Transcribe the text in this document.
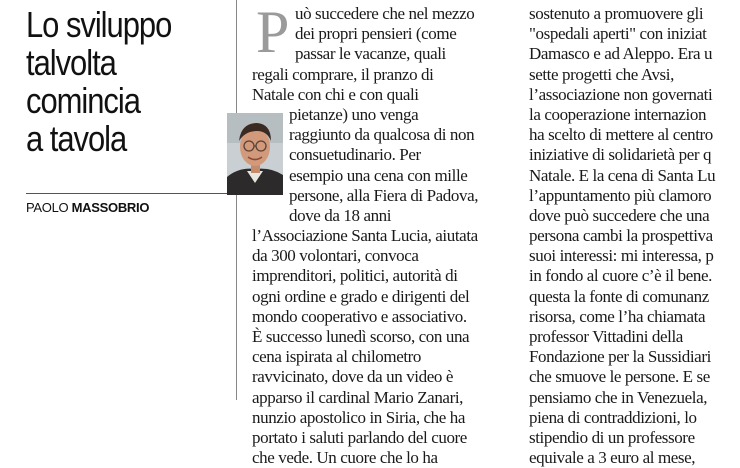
Lo sviluppo
talvolta
comincia
a tavola
PAOLO MASSOBRIO
P uò succedere che nel mezzo
dei propri pensieri (come
passar le vacanze, quali
regali comprare, il pranzo di
Natale con chi e con quali
pietanze) uno venga
raggiunto da qualcosa di non
consuetudinario. Per
esempio una cena con mille
persone, alla Fiera di Padova,
dove da 18 anni
l’Associazione Santa Lucia, aiutata
da 300 volontari, convoca
imprenditori, politici, autorità di
ogni ordine e grado e dirigenti del
mondo cooperativo e associativo.
È successo lunedì scorso, con una
cena ispirata al chilometro
ravvicinato, dove da un video è
apparso il cardinal Mario Zanari,
nunzio apostolico in Siria, che ha
portato i saluti parlando del cuore
che vede. Un cuore che lo ha
sostenuto a promuovere gli
"ospedali aperti" con iniziat
Damasco e ad Aleppo. Era u
sette progetti che Avsi,
l’associazione non governati
la cooperazione internazion
ha scelto di mettere al centro
iniziative di solidarietà per q
Natale. E la cena di Santa Lu
l’appuntamento più clamoro
dove può succedere che una
persona cambi la prospettiva
suoi interessi: mi interessa, p
in fondo al cuore c’è il bene.
questa la fonte di comunanz
risorsa, come l’ha chiamata
professor Vittadini della
Fondazione per la Sussidiari
che smuove le persone. E se
pensiamo che in Venezuela,
piena di contraddizioni, lo
stipendio di un professore
equivale a 3 euro al mese,
